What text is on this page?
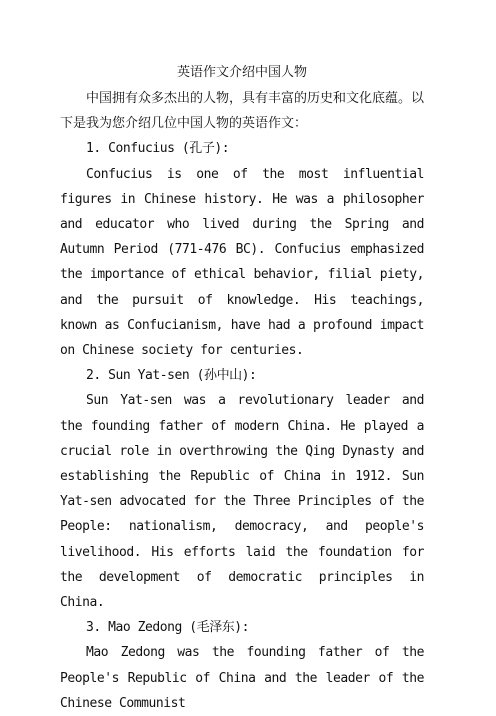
英语作文介绍中国人物

中国拥有众多杰出的人物，具有丰富的历史和文化底蕴。以下是我为您介绍几位中国人物的英语作文：

1. Confucius (孔子):

Confucius is one of the most influential figures in Chinese history. He was a philosopher and educator who lived during the Spring and Autumn Period (771-476 BC). Confucius emphasized the importance of ethical behavior, filial piety, and the pursuit of knowledge. His teachings, known as Confucianism, have had a profound impact on Chinese society for centuries.

2. Sun Yat-sen (孙中山):

Sun Yat-sen was a revolutionary leader and the founding father of modern China. He played a crucial role in overthrowing the Qing Dynasty and establishing the Republic of China in 1912. Sun Yat-sen advocated for the Three Principles of the People: nationalism, democracy, and people's livelihood. His efforts laid the foundation for the development of democratic principles in China.

3. Mao Zedong (毛泽东):

Mao Zedong was the founding father of the People's Republic of China and the leader of the Chinese Communist
